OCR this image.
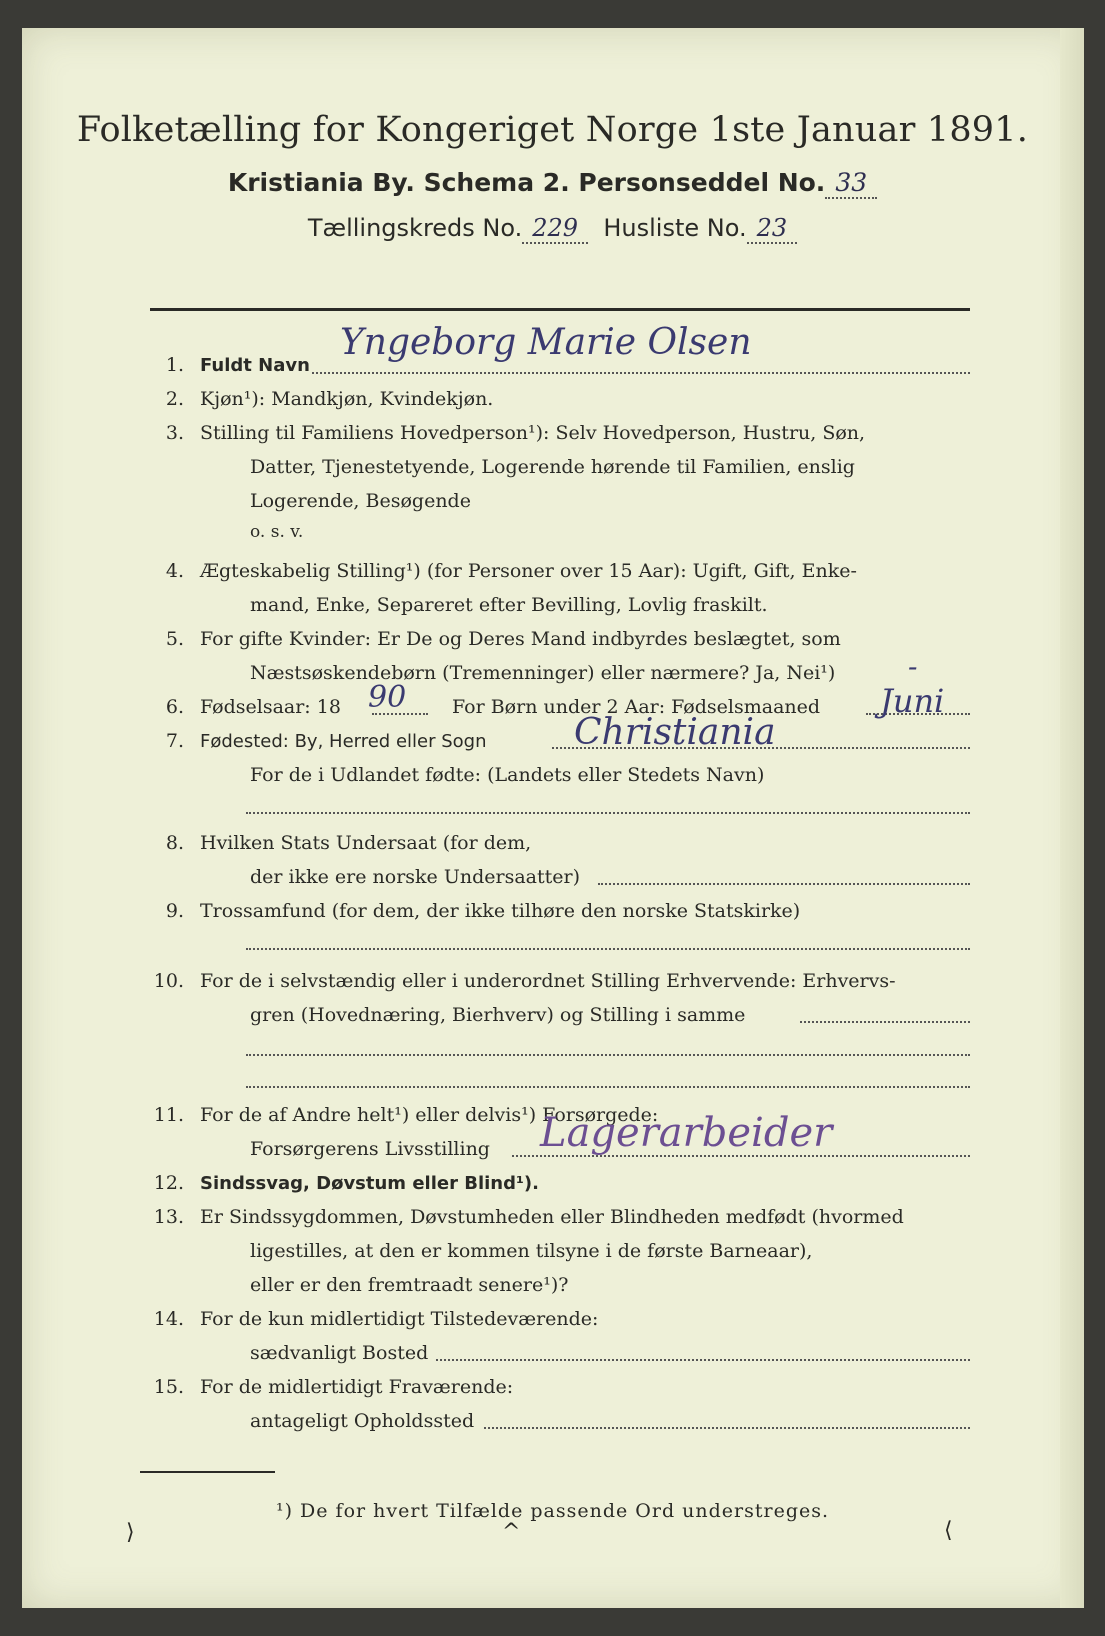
Folketælling for Kongeriget Norge 1ste Januar 1891.
Kristiania By. Schema 2. Personseddel No. 33
Tællingskreds No. 229 Husliste No. 23
1. Fuldt Navn
Yngeborg Marie Olsen
2. Kjøn¹): Mandkjøn, Kvindekjøn.
3. Stilling til Familiens Hovedperson¹): Selv Hovedperson, Hustru, Søn,
Datter, Tjenestetyende, Logerende hørende til Familien, enslig
Logerende, Besøgende
o. s. v.
4. Ægteskabelig Stilling¹) (for Personer over 15 Aar): Ugift, Gift, Enke-
mand, Enke, Separeret efter Bevilling, Lovlig fraskilt.
5. For gifte Kvinder: Er De og Deres Mand indbyrdes beslægtet, som
Næstsøskendebørn (Tremenninger) eller nærmere? Ja, Nei¹)	-
6. Fødselsaar: 18 90 For Børn under 2 Aar: Fødselsmaaned Juni
7. Fødested: By, Herred eller Sogn Christiania
For de i Udlandet fødte: (Landets eller Stedets Navn)
8. Hvilken Stats Undersaat (for dem,
der ikke ere norske Undersaatter)
9. Trossamfund (for dem, der ikke tilhøre den norske Statskirke)
10. For de i selvstændig eller i underordnet Stilling Erhvervende: Erhvervs-
gren (Hovednæring, Bierhverv) og Stilling i samme
11. For de af Andre helt¹) eller delvis¹) Forsørgede:
Forsørgerens Livsstilling Lagerarbeider
12. Sindssvag, Døvstum eller Blind¹).
13. Er Sindssygdommen, Døvstumheden eller Blindheden medfødt (hvormed
ligestilles, at den er kommen tilsyne i de første Barneaar),
eller er den fremtraadt senere¹)?
14. For de kun midlertidigt Tilstedeværende:
sædvanligt Bosted
15. For de midlertidigt Fraværende:
antageligt Opholdssted
¹) De for hvert Tilfælde passende Ord understreges.
⟩	^	⟨
